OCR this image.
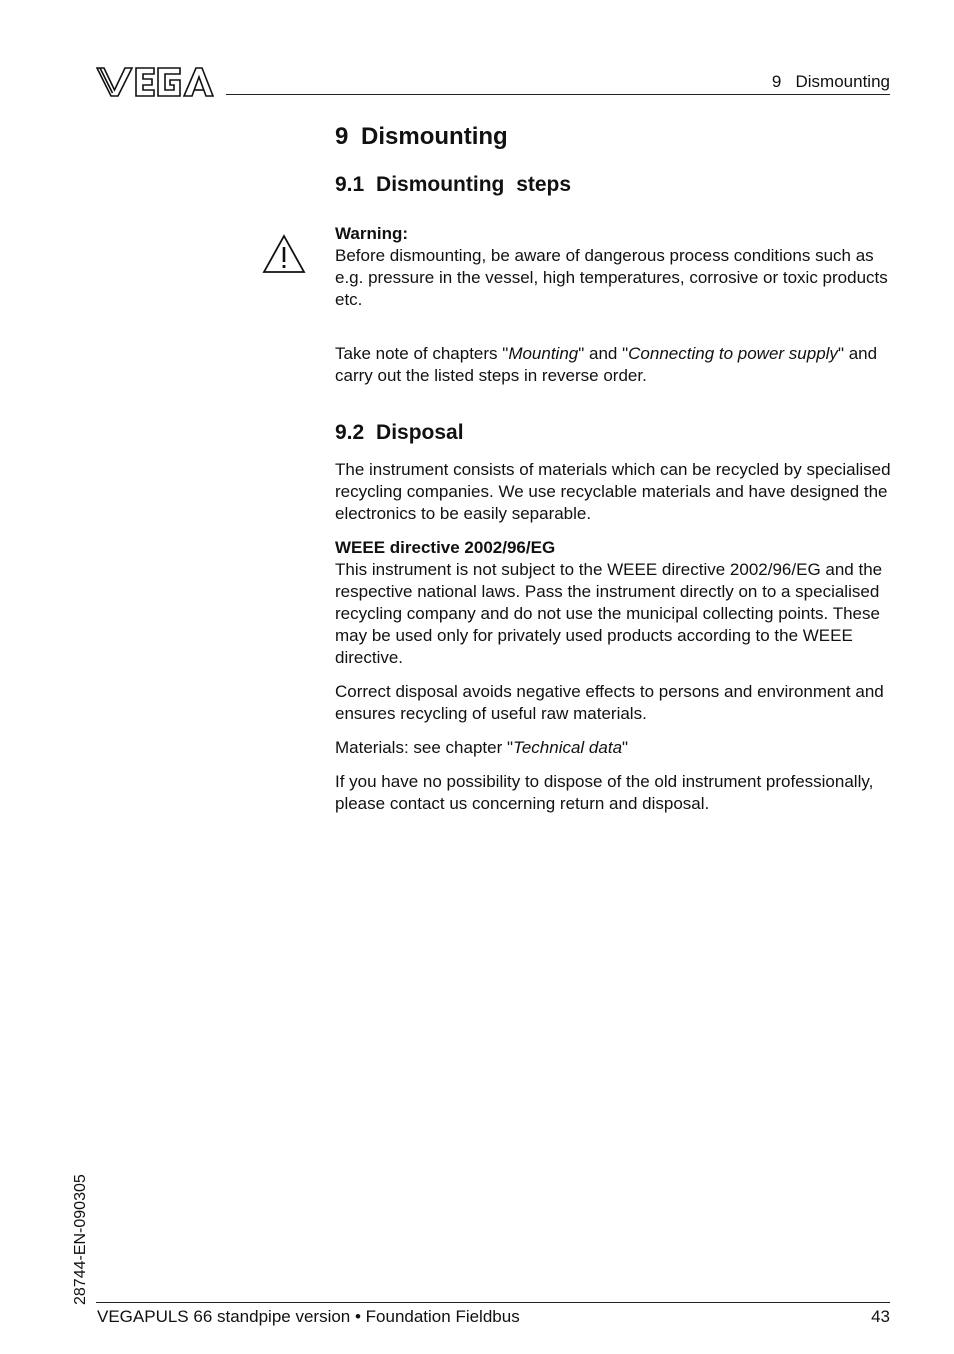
9   Dismounting
9 Dismounting
9.1 Dismounting steps

Warning:

Before dismounting, be aware of dangerous process conditions such as e.g. pressure in the vessel, high temperatures, corrosive or toxic products etc.

Take note of chapters "Mounting" and "Connecting to power supply" and carry out the listed steps in reverse order.

9.2 Disposal

The instrument consists of materials which can be recycled by specialised recycling companies. We use recyclable materials and have designed the electronics to be easily separable.

WEEE directive 2002/96/EG

This instrument is not subject to the WEEE directive 2002/96/EG and the respective national laws. Pass the instrument directly on to a specialised recycling company and do not use the municipal collecting points. These may be used only for privately used products according to the WEEE directive.

Correct disposal avoids negative effects to persons and environment and ensures recycling of useful raw materials.

Materials: see chapter "Technical data"

If you have no possibility to dispose of the old instrument professionally, please contact us concerning return and disposal.

28744-EN-090305
VEGAPULS 66 standpipe version • Foundation Fieldbus	43
